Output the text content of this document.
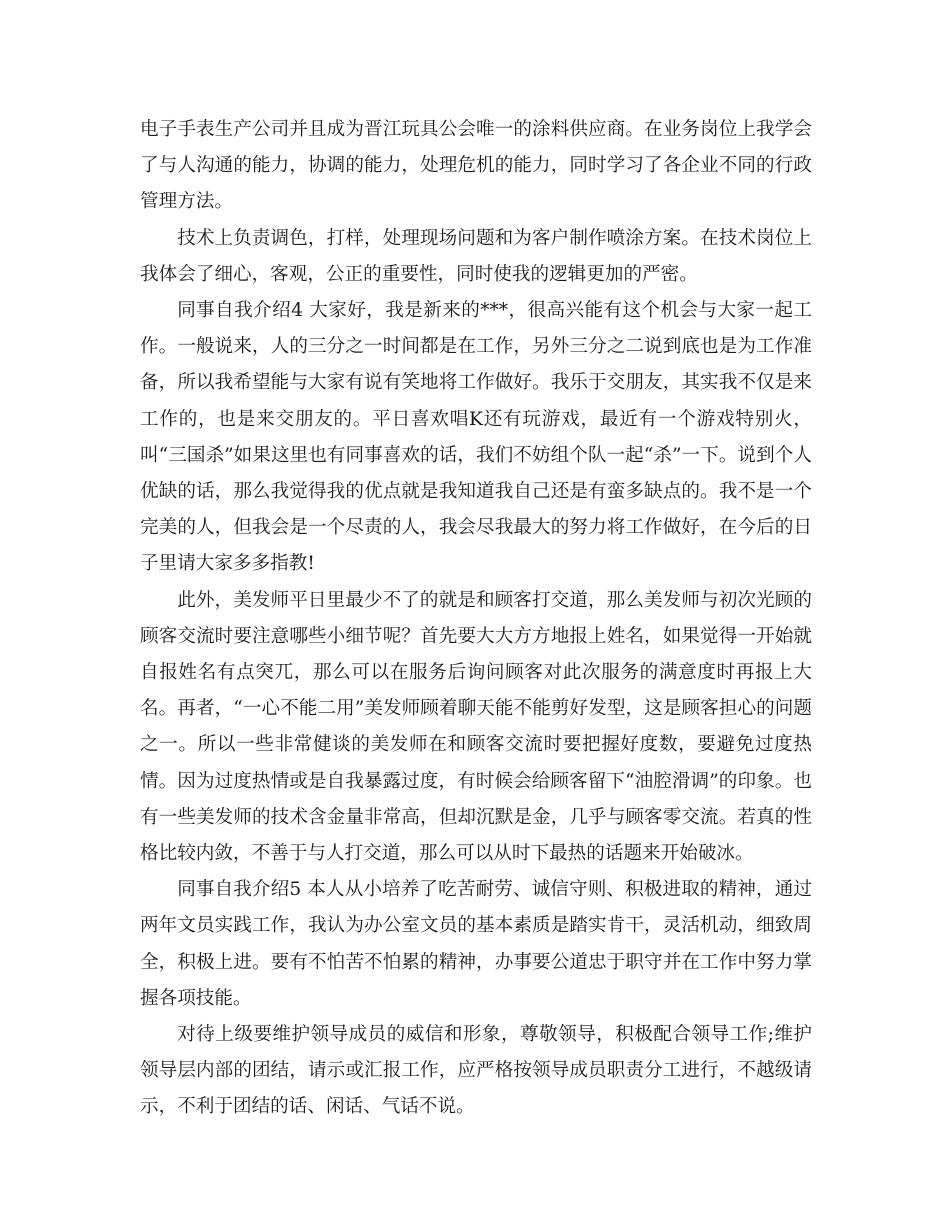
电子手表生产公司并且成为晋江玩具公会唯一的涂料供应商。在业务岗位上我学会了与人沟通的能力，协调的能力，处理危机的能力，同时学习了各企业不同的行政管理方法。

技术上负责调色，打样，处理现场问题和为客户制作喷涂方案。在技术岗位上我体会了细心，客观，公正的重要性，同时使我的逻辑更加的严密。

同事自我介绍4 大家好，我是新来的***，很高兴能有这个机会与大家一起工作。一般说来，人的三分之一时间都是在工作，另外三分之二说到底也是为工作准备，所以我希望能与大家有说有笑地将工作做好。我乐于交朋友，其实我不仅是来工作的，也是来交朋友的。平日喜欢唱K还有玩游戏，最近有一个游戏特别火，叫“三国杀”如果这里也有同事喜欢的话，我们不妨组个队一起“杀”一下。说到个人优缺的话，那么我觉得我的优点就是我知道我自己还是有蛮多缺点的。我不是一个完美的人，但我会是一个尽责的人，我会尽我最大的努力将工作做好，在今后的日子里请大家多多指教!

此外，美发师平日里最少不了的就是和顾客打交道，那么美发师与初次光顾的顾客交流时要注意哪些小细节呢？首先要大大方方地报上姓名，如果觉得一开始就自报姓名有点突兀，那么可以在服务后询问顾客对此次服务的满意度时再报上大名。再者，“一心不能二用”美发师顾着聊天能不能剪好发型，这是顾客担心的问题之一。所以一些非常健谈的美发师在和顾客交流时要把握好度数，要避免过度热情。因为过度热情或是自我暴露过度，有时候会给顾客留下“油腔滑调”的印象。也有一些美发师的技术含金量非常高，但却沉默是金，几乎与顾客零交流。若真的性格比较内敛，不善于与人打交道，那么可以从时下最热的话题来开始破冰。

同事自我介绍5 本人从小培养了吃苦耐劳、诚信守则、积极进取的精神，通过两年文员实践工作，我认为办公室文员的基本素质是踏实肯干，灵活机动，细致周全，积极上进。要有不怕苦不怕累的精神，办事要公道忠于职守并在工作中努力掌握各项技能。

对待上级要维护领导成员的威信和形象，尊敬领导，积极配合领导工作;维护领导层内部的团结，请示或汇报工作，应严格按领导成员职责分工进行，不越级请示，不利于团结的话、闲话、气话不说。
